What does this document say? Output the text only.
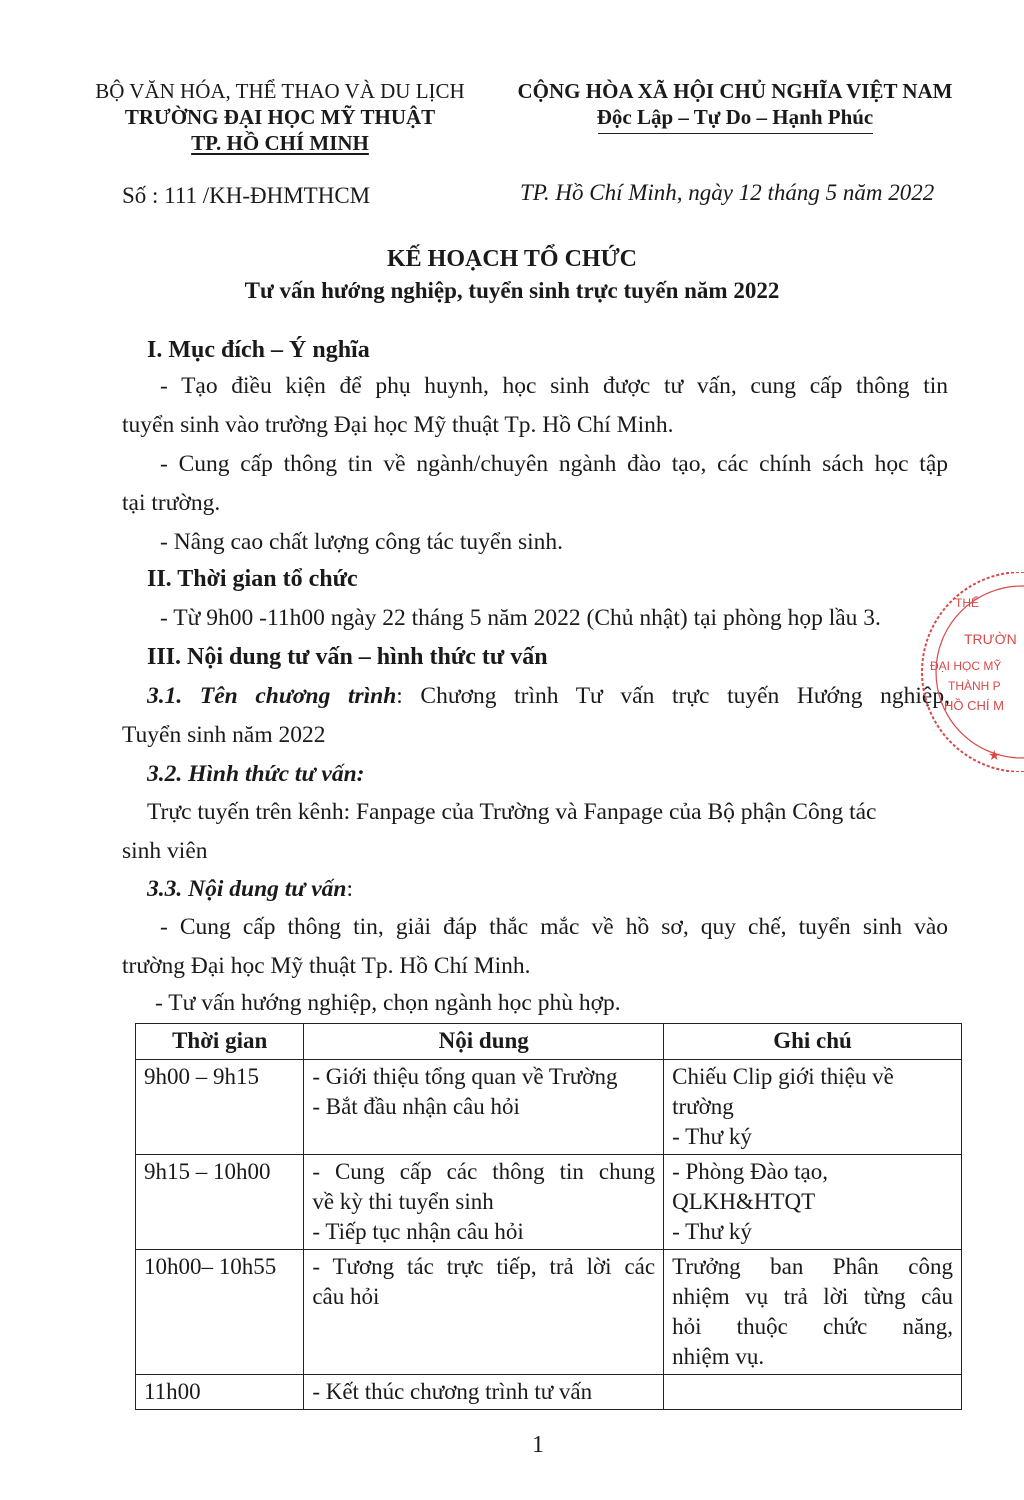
BỘ VĂN HÓA, THỂ THAO VÀ DU LỊCH
TRƯỜNG ĐẠI HỌC MỸ THUẬT
TP. HỒ CHÍ MINH
CỘNG HÒA XÃ HỘI CHỦ NGHĨA VIỆT NAM
Độc Lập – Tự Do – Hạnh Phúc
Số : 111 /KH-ĐHMTHCM	TP. Hồ Chí Minh, ngày 12 tháng 5 năm 2022
KẾ HOẠCH TỔ CHỨC
Tư vấn hướng nghiệp, tuyển sinh trực tuyến năm 2022
I. Mục đích – Ý nghĩa
- Tạo điều kiện để phụ huynh, học sinh được tư vấn, cung cấp thông tin
tuyển sinh vào trường Đại học Mỹ thuật Tp. Hồ Chí Minh.
- Cung cấp thông tin về ngành/chuyên ngành đào tạo, các chính sách học tập
tại trường.
- Nâng cao chất lượng công tác tuyển sinh.
II. Thời gian tổ chức
- Từ 9h00 -11h00 ngày 22 tháng 5 năm 2022 (Chủ nhật) tại phòng họp lầu 3.
III. Nội dung tư vấn – hình thức tư vấn
3.1. Tên chương trình: Chương trình Tư vấn trực tuyến Hướng nghiệp,
Tuyển sinh năm 2022
3.2. Hình thức tư vấn:
Trực tuyến trên kênh: Fanpage của Trường và Fanpage của Bộ phận Công tác
sinh viên
3.3. Nội dung tư vấn:
- Cung cấp thông tin, giải đáp thắc mắc về hồ sơ, quy chế, tuyển sinh vào
trường Đại học Mỹ thuật Tp. Hồ Chí Minh.
- Tư vấn hướng nghiệp, chọn ngành học phù hợp.
Thời gian	Nội dung	Ghi chú
9h00 – 9h15	- Giới thiệu tổng quan về Trường
- Bắt đầu nhận câu hỏi	Chiếu Clip giới thiệu về
trường
- Thư ký

9h15 – 10h00	- Cung cấp các thông tin chung
về kỳ thi tuyển sinh
- Tiếp tục nhận câu hỏi	- Phòng Đào tạo,
QLKH&HTQT
- Thư ký

10h00– 10h55	- Tương tác trực tiếp, trả lời các
câu hỏi	Trưởng ban Phân công
nhiệm vụ trả lời từng câu
hỏi thuộc chức năng,
nhiệm vụ.

11h00	- Kết thúc chương trình tư vấn	

THỂ
TRƯỜN
ĐẠI HỌC MỸ
THÀNH P
HỒ CHÍ M
★
1
